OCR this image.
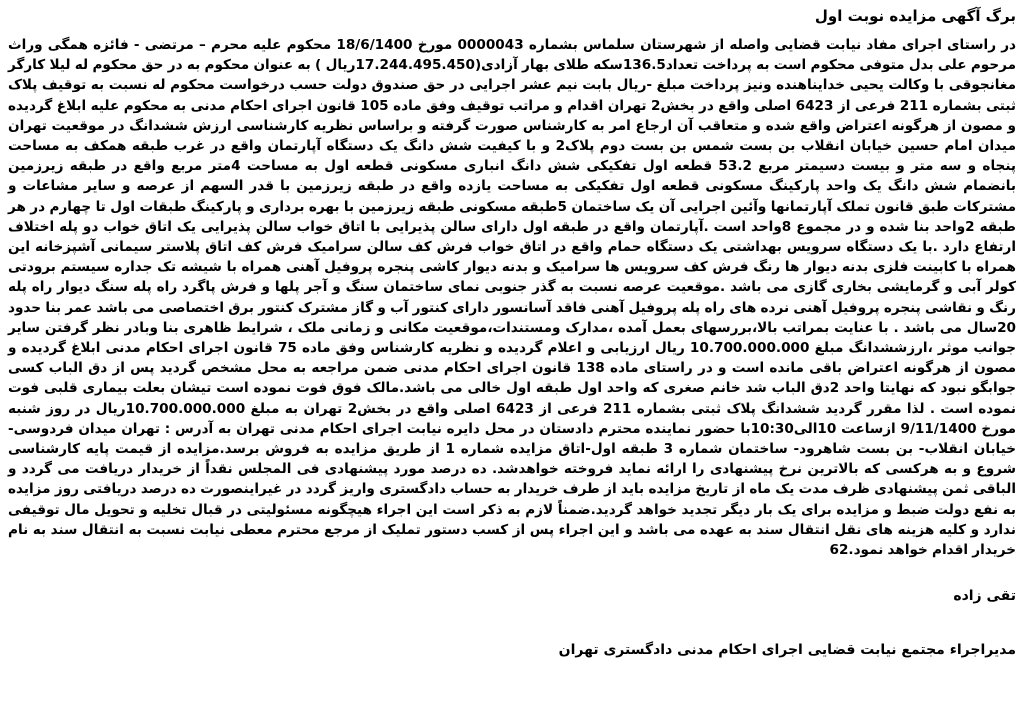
برگ آگهی مزایده نوبت اول

در راستای اجرای مفاد نیابت قضایی واصله از شهرستان سلماس بشماره 0000043 مورخ 18/6/1400 محکوم علیه محرم – مرتضی - فائزه همگی وراث مرحوم علی بدل متوفی محکوم است به پرداخت تعداد136.5سکه طلای بهار آزادی(17.244.495.450ریال ) به عنوان محکوم به در حق محکوم له لیلا کارگر مغانجوقی با وکالت یحیی خدایناهنده ونیز پرداخت مبلغ -ریال بابت نیم عشر اجرایی در حق صندوق دولت حسب درخواست محکوم له نسبت به توقیف پلاک ثبتی بشماره 211 فرعی از 6423 اصلی واقع در بخش2 تهران اقدام و مراتب توقیف وفق ماده 105 قانون اجرای احکام مدنی به محکوم علیه ابلاغ گردیده و مصون از هرگونه اعتراض واقع شده و متعاقب آن ارجاع امر به کارشناس صورت گرفته و براساس نظریه کارشناسی ارزش ششدانگ در موقعیت تهران میدان امام حسین خیابان انقلاب بن بست شمس بن بست دوم پلاک2 و با کیفیت شش دانگ یک دستگاه آپارتمان واقع در غرب طبقه همکف به مساحت پنجاه و سه متر و بیست دسیمتر مربع 53.2 قطعه اول تفکیکی شش دانگ انباری مسکونی قطعه اول به مساحت 4متر مربع واقع در طبقه زیرزمین بانضمام شش دانگ یک واحد پارکینگ مسکونی قطعه اول تفکیکی به مساحت یازده واقع در طبقه زیرزمین با قدر السهم از عرصه و سایر مشاعات و مشترکات طبق قانون تملک آپارتمانها وآئین اجرایی آن یک ساختمان 5طبقه مسکونی طبقه زیرزمین با بهره برداری و پارکینگ طبقات اول تا چهارم در هر طبقه 2واحد بنا شده و در مجموع 8واحد است .آپارتمان واقع در طبقه اول دارای سالن پذیرایی با اتاق خواب سالن پذیرایی یک اتاق خواب دو پله اختلاف ارتفاع دارد .با یک دستگاه سرویس بهداشتی یک دستگاه حمام واقع در اتاق خواب فرش کف سالن سرامیک فرش کف اتاق پلاستر سیمانی آشپزخانه این همراه با کابینت فلزی بدنه دیوار ها رنگ فرش کف سرویس ها سرامیک و بدنه دیوار کاشی پنجره پروفیل آهنی همراه با شیشه تک جداره سیستم برودتی کولر آبی و گرمایشی بخاری گازی می باشد .موقعیت عرصه نسبت به گذر جنوبی نمای ساختمان سنگ و آجر پلها و فرش پاگرد راه پله سنگ دیوار راه پله رنگ و نقاشی پنجره پروفیل آهنی نرده های راه پله پروفیل آهنی فاقد آسانسور دارای کنتور آب و گاز مشترک کنتور برق اختصاصی می باشد عمر بنا حدود 20سال می باشد . با عنایت بمراتب بالا،بررسهای بعمل آمده ،مدارک ومستندات،موقعیت مکانی و زمانی ملک ، شرایط ظاهری بنا وبادر نظر گرفتن سایر جوانب موثر ،ارزششدانگ مبلغ 10.700.000.000 ریال ارزیابی و اعلام گردیده و نظریه کارشناس وفق ماده 75 قانون اجرای احکام مدنی ابلاغ گردیده و مصون از هرگونه اعتراض باقی مانده است و در راستای ماده 138 قانون اجرای احکام مدنی ضمن مراجعه به محل مشخص گردید پس از دق الباب کسی جوابگو نبود که نهایتا واحد 2دق الباب شد خانم صغری که واحد اول طبقه اول خالی می باشد.مالک فوق فوت نموده است تیشان بعلت بیماری قلبی فوت نموده است . لذا مقرر گردید ششدانگ پلاک ثبتی بشماره 211 فرعی از 6423 اصلی واقع در بخش2 تهران به مبلغ 10.700.000.000ریال در روز شنبه مورخ 9/11/1400 ازساعت 10الی10:30با حضور نماینده محترم دادستان در محل دایره نیابت اجرای احکام مدنی تهران به آدرس : تهران میدان فردوسی- خیابان انقلاب- بن بست شاهرود- ساختمان شماره 3 طبقه اول-اتاق مزایده شماره 1 از طریق مزایده به فروش برسد.مزایده از قیمت پایه کارشناسی شروع و به هرکسی که بالاترین نرخ پیشنهادی را ارائه نماید فروخته خواهدشد. ده درصد مورد پیشنهادی فی المجلس نقداً از خریدار دریافت می گردد و الباقی ثمن پیشنهادی ظرف مدت یک ماه از تاریخ مزایده باید از طرف خریدار به حساب دادگستری واریز گردد در غیراینصورت ده درصد دریافتی روز مزایده به نفع دولت ضبط و مزایده برای یک بار دیگر تجدید خواهد گردید.ضمناً لازم به ذکر است این اجراء هیچگونه مسئولیتی در قبال تخلیه و تحویل مال توقیفی ندارد و کلیه هزینه های نقل انتقال سند به عهده می باشد و این اجراء پس از کسب دستور تملیک از مرجع محترم معطی نیابت نسبت به انتقال سند به نام خریدار اقدام خواهد نمود.62

تقی زاده
مدیراجراء مجتمع نیابت قضایی اجرای احکام مدنی دادگستری تهران
